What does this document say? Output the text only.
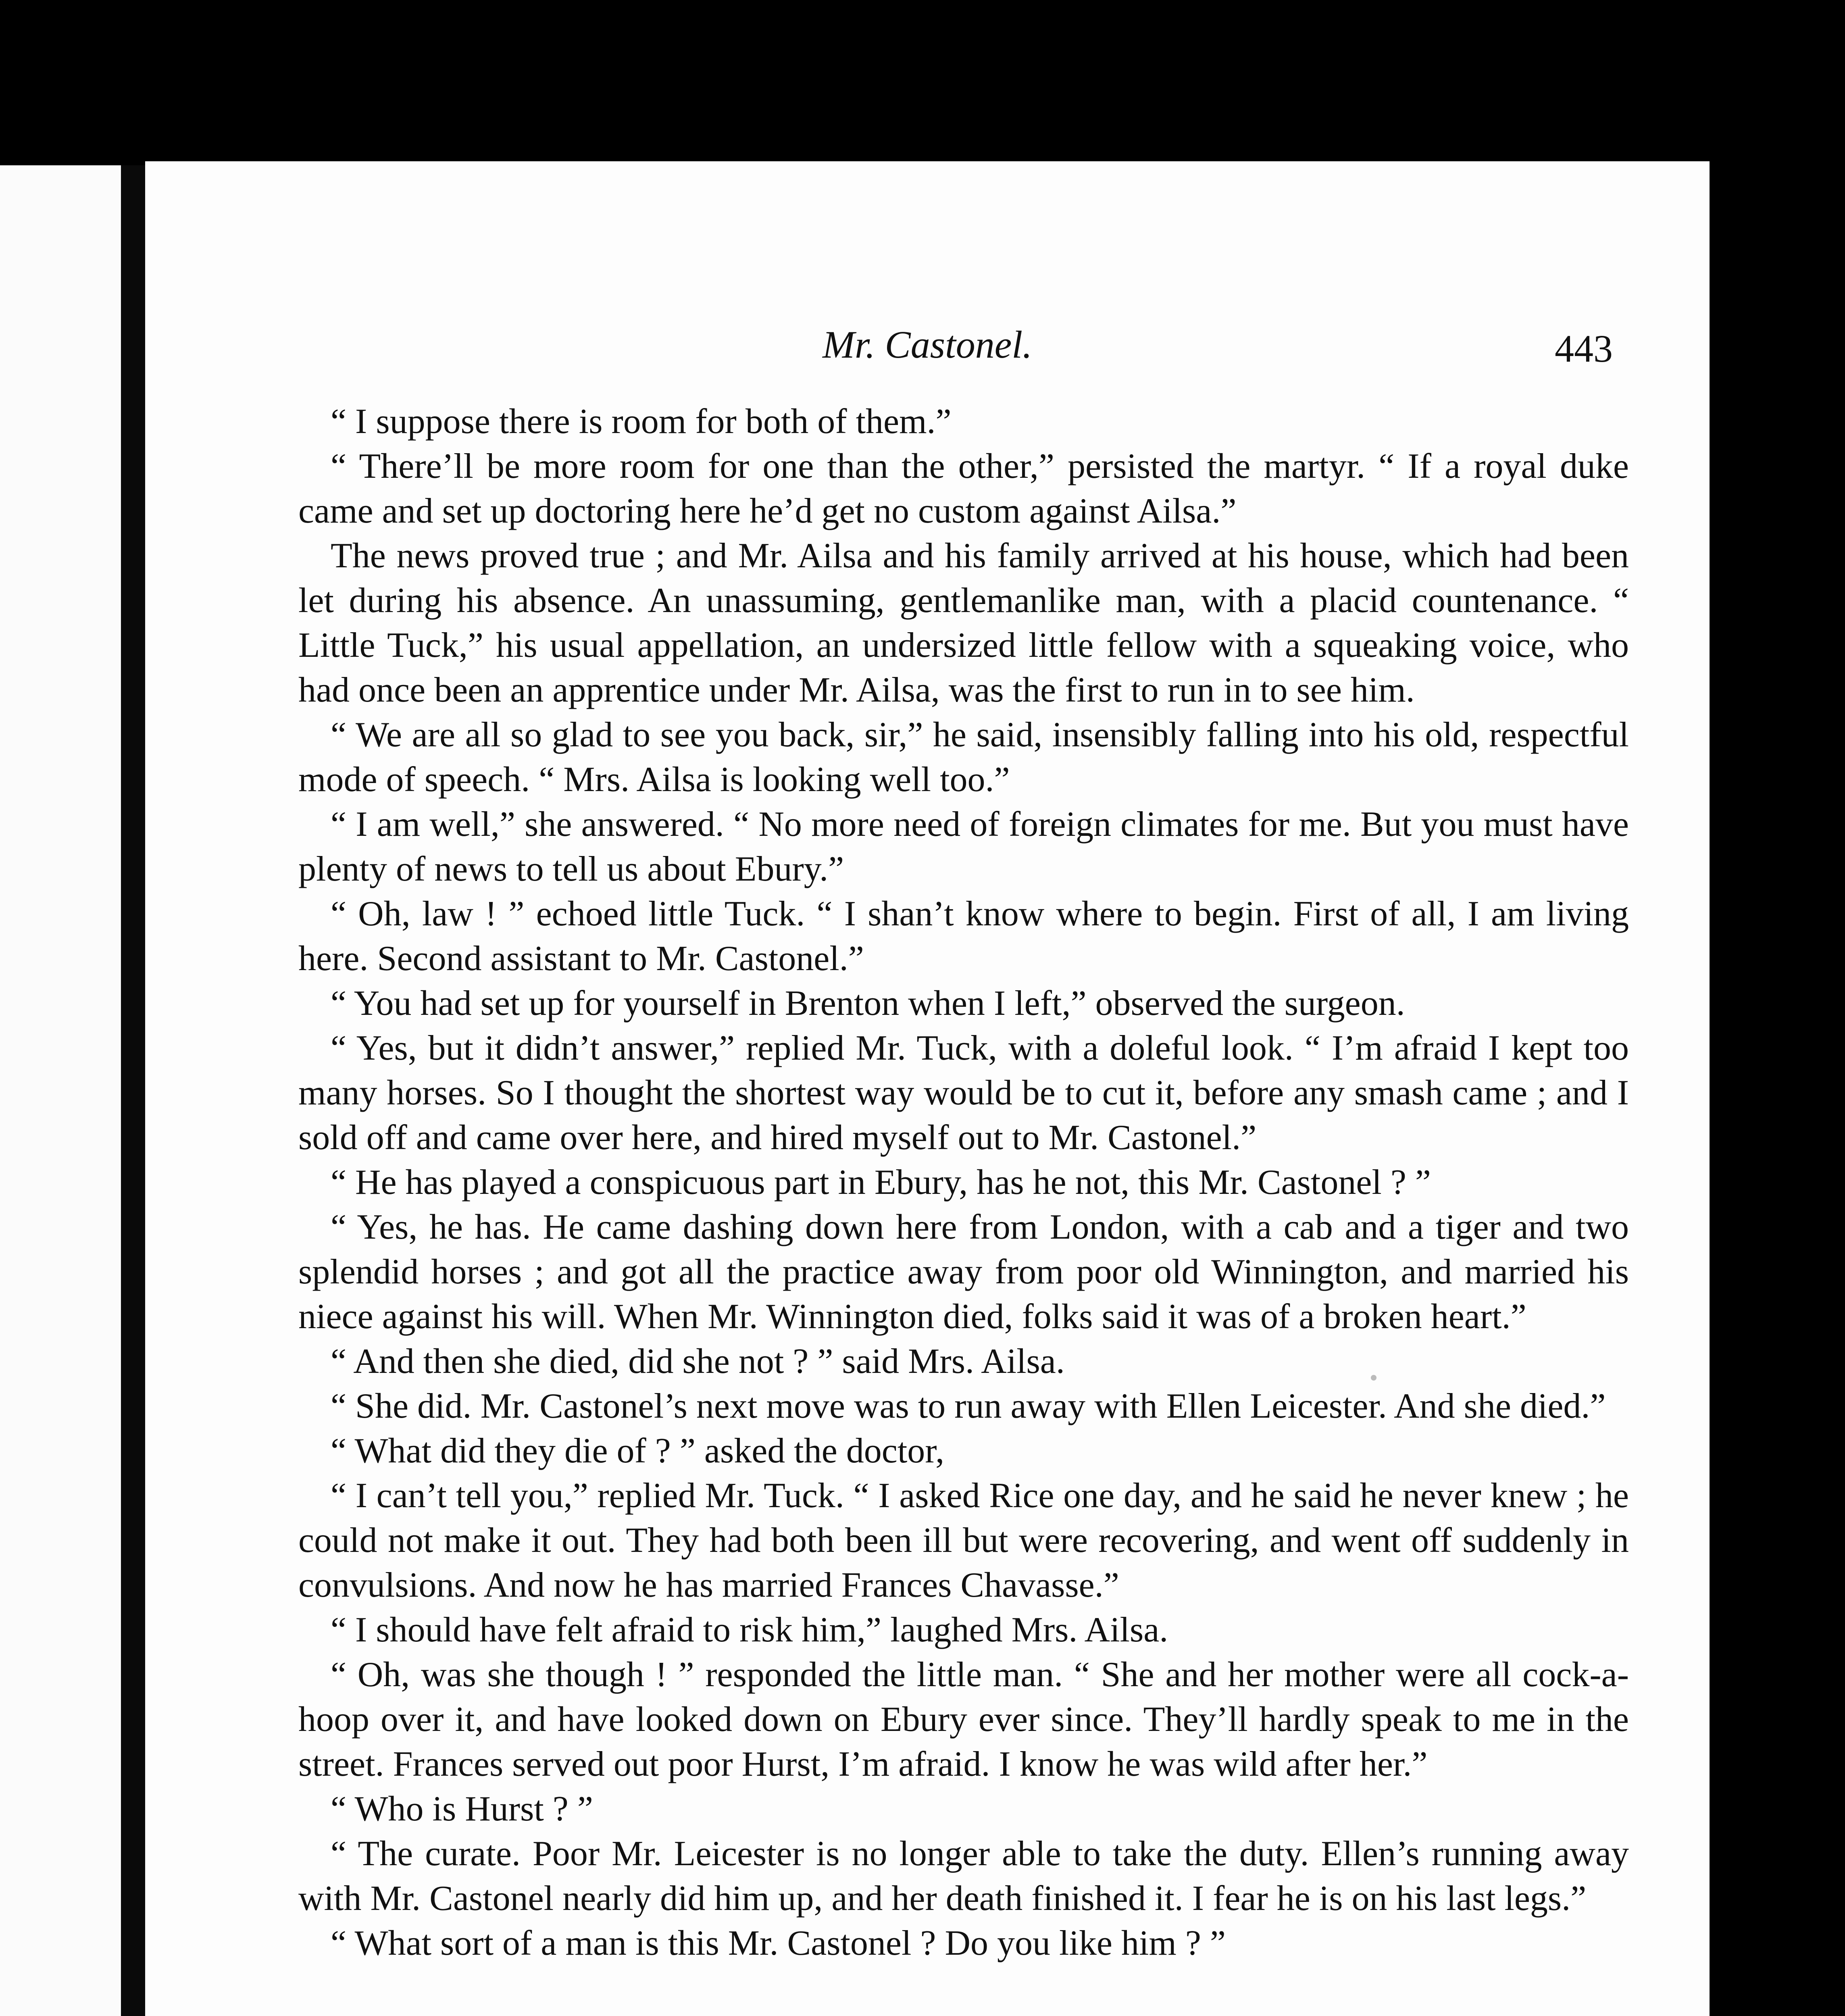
Mr. Castonel.	443

“ I suppose there is room for both of them.”

“ There’ll be more room for one than the other,” persisted the martyr. “ If a royal duke came and set up doctoring here he’d get no custom against Ailsa.”

The news proved true ; and Mr. Ailsa and his family arrived at his house, which had been let during his absence. An unassuming, gentlemanlike man, with a placid countenance. “ Little Tuck,” his usual appellation, an undersized little fellow with a squeaking voice, who had once been an apprentice under Mr. Ailsa, was the first to run in to see him.

“ We are all so glad to see you back, sir,” he said, insensibly falling into his old, respectful mode of speech. “ Mrs. Ailsa is looking well too.”

“ I am well,” she answered. “ No more need of foreign climates for me. But you must have plenty of news to tell us about Ebury.”

“ Oh, law ! ” echoed little Tuck. “ I shan’t know where to begin. First of all, I am living here. Second assistant to Mr. Castonel.”

“ You had set up for yourself in Brenton when I left,” observed the surgeon.

“ Yes, but it didn’t answer,” replied Mr. Tuck, with a doleful look. “ I’m afraid I kept too many horses. So I thought the shortest way would be to cut it, before any smash came ; and I sold off and came over here, and hired myself out to Mr. Castonel.”

“ He has played a conspicuous part in Ebury, has he not, this Mr. Castonel ? ”

“ Yes, he has. He came dashing down here from London, with a cab and a tiger and two splendid horses ; and got all the practice away from poor old Winnington, and married his niece against his will. When Mr. Winnington died, folks said it was of a broken heart.”

“ And then she died, did she not ? ” said Mrs. Ailsa.

“ She did. Mr. Castonel’s next move was to run away with Ellen Leicester. And she died.”

“ What did they die of ? ” asked the doctor,

“ I can’t tell you,” replied Mr. Tuck. “ I asked Rice one day, and he said he never knew ; he could not make it out. They had both been ill but were recovering, and went off suddenly in convulsions. And now he has married Frances Chavasse.”

“ I should have felt afraid to risk him,” laughed Mrs. Ailsa.

“ Oh, was she though ! ” responded the little man. “ She and her mother were all cock-a-hoop over it, and have looked down on Ebury ever since. They’ll hardly speak to me in the street. Frances served out poor Hurst, I’m afraid. I know he was wild after her.”

“ Who is Hurst ? ”

“ The curate. Poor Mr. Leicester is no longer able to take the duty. Ellen’s running away with Mr. Castonel nearly did him up, and her death finished it. I fear he is on his last legs.”

“ What sort of a man is this Mr. Castonel ? Do you like him ? ”
